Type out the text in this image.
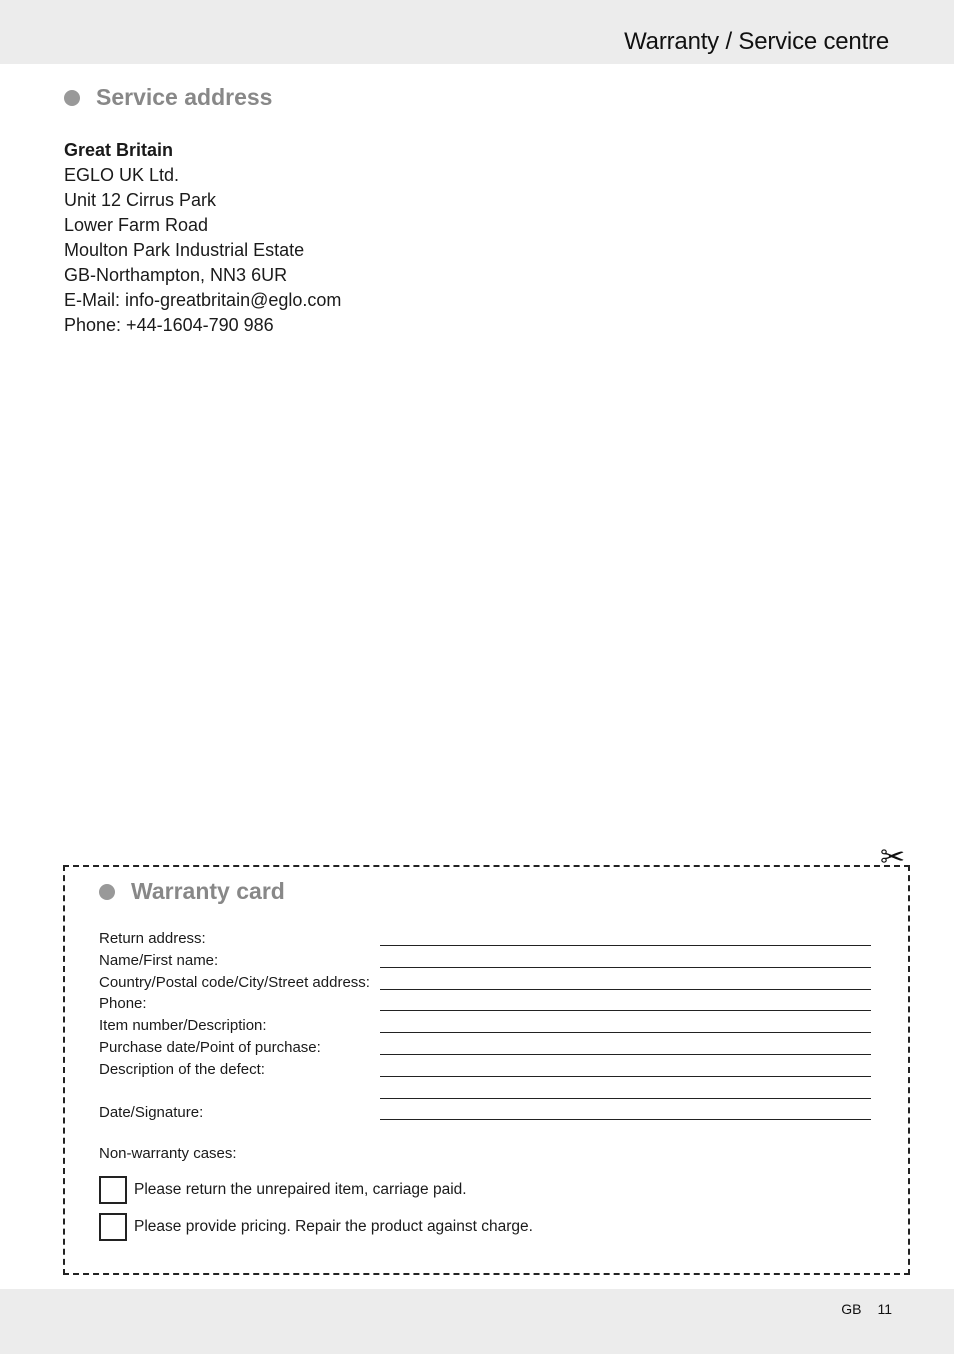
Warranty / Service centre
Service address
Great Britain
EGLO UK Ltd.
Unit 12 Cirrus Park
Lower Farm Road
Moulton Park Industrial Estate
GB-Northampton, NN3 6UR
E-Mail: info-greatbritain@eglo.com
Phone: +44-1604-790 986
✂
Warranty card
Return address:
Name/First name:
Country/Postal code/City/Street address:
Phone:
Item number/Description:
Purchase date/Point of purchase:
Description of the defect:
Date/Signature:
Non-warranty cases:
Please return the unrepaired item, carriage paid.
Please provide pricing. Repair the product against charge.
GB 11
